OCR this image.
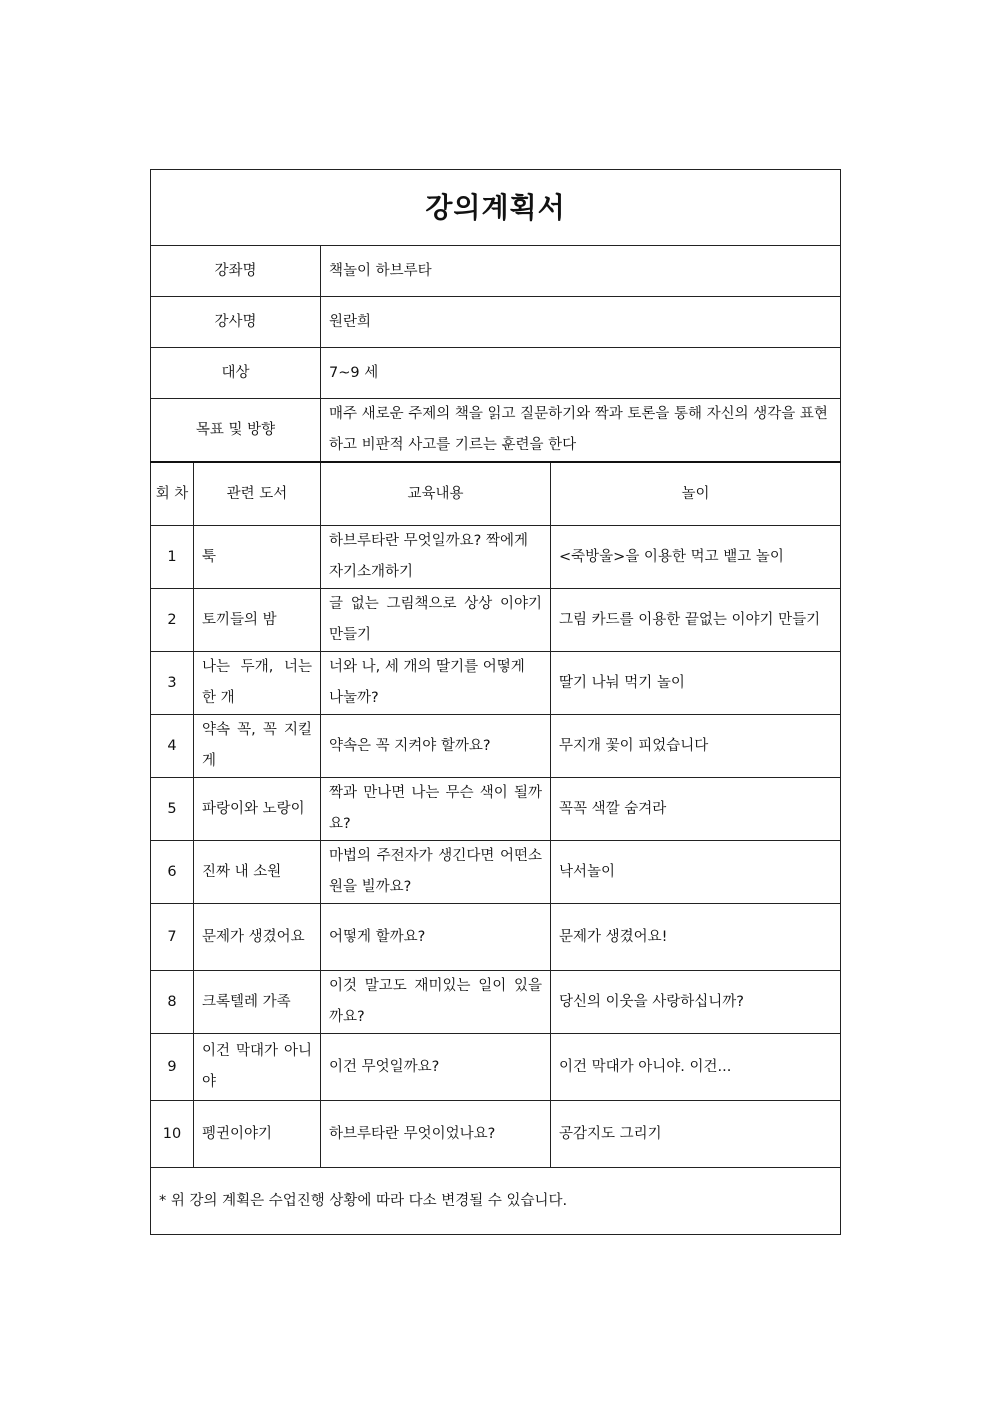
강의계획서			
강좌명		책놀이 하브루타	
강사명		원란희	
대상		7~9 세	
목표 및 방향		매주 새로운 주제의 책을 읽고 질문하기와 짝과 토론을 통해 자신의 생각을 표현하고 비판적 사고를 기르는 훈련을 한다	
회 차	관련 도서	교육내용	놀이
1	툭	하브루타란 무엇일까요? 짝에게 자기소개하기	<죽방울>을 이용한 먹고 뱉고 놀이
2	토끼들의 밤	글 없는 그림책으로 상상 이야기 만들기	그림 카드를 이용한 끝없는 이야기 만들기
3	나는 두개, 너는 한 개	너와 나, 세 개의 딸기를 어떻게 나눌까?	딸기 나눠 먹기 놀이
4	약속 꼭, 꼭 지킬게	약속은 꼭 지켜야 할까요?	무지개 꽃이 피었습니다
5	파랑이와 노랑이	짝과 만나면 나는 무슨 색이 될까요?	꼭꼭 색깔 숨겨라
6	진짜 내 소원	마법의 주전자가 생긴다면 어떤소원을 빌까요?	낙서놀이
7	문제가 생겼어요	어떻게 할까요?	문제가 생겼어요!
8	크록텔레 가족	이것 말고도 재미있는 일이 있을까요?	당신의 이웃을 사랑하십니까?
9	이건 막대가 아니야	이건 무엇일까요?	이건 막대가 아니야. 이건...
10	펭귄이야기	하브루타란 무엇이었나요?	공감지도 그리기
* 위 강의 계획은 수업진행 상황에 따라 다소 변경될 수 있습니다.			
